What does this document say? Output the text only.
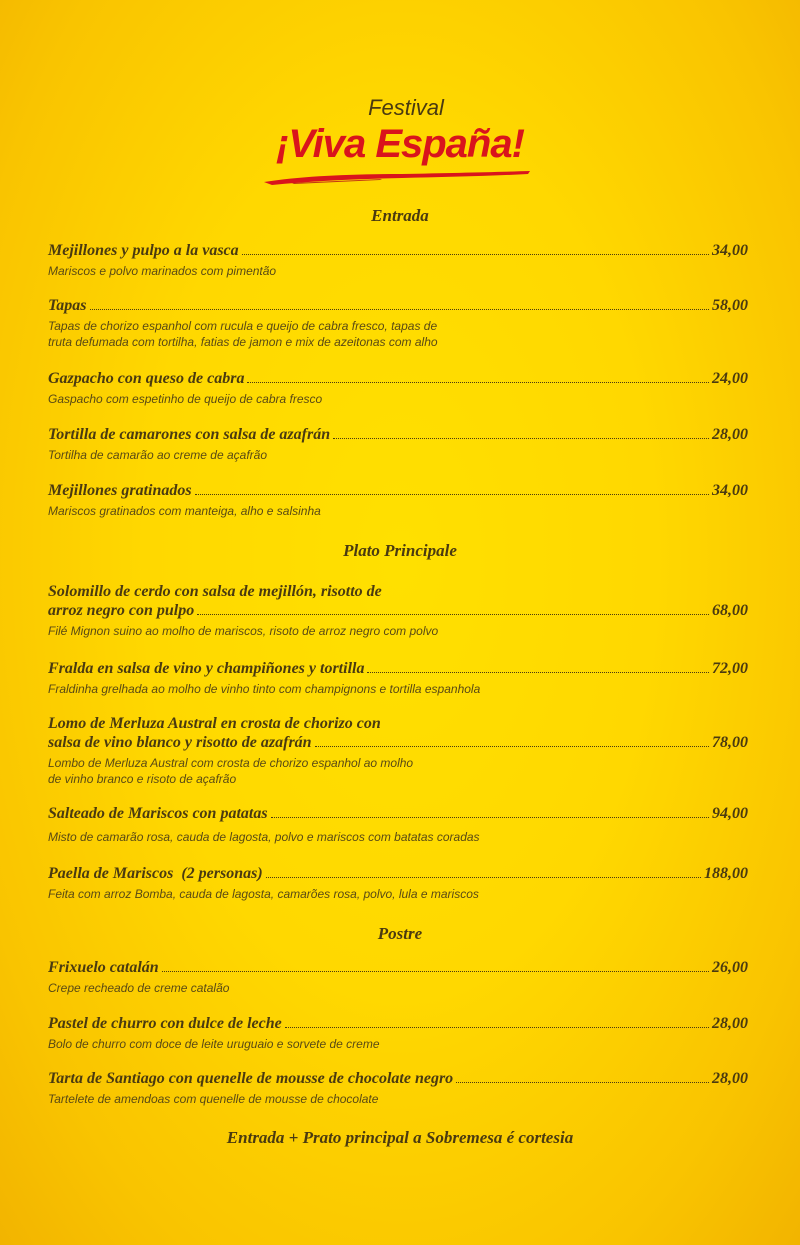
Festival
¡Viva España!
Entrada
Mejillones y pulpo a la vasca	34,00
Mariscos e polvo marinados com pimentão
Tapas	58,00
Tapas de chorizo espanhol com rucula e queijo de cabra fresco, tapas de
truta defumada com tortilha, fatias de jamon e mix de azeitonas com alho
Gazpacho con queso de cabra	24,00
Gaspacho com espetinho de queijo de cabra fresco
Tortilla de camarones con salsa de azafrán	28,00
Tortilha de camarão ao creme de açafrão
Mejillones gratinados	34,00
Mariscos gratinados com manteiga, alho e salsinha
Plato Principale
Solomillo de cerdo con salsa de mejillón, risotto de
arroz negro con pulpo	68,00
Filé Mignon suino ao molho de mariscos, risoto de arroz negro com polvo
Fralda en salsa de vino y champiñones y tortilla	72,00
Fraldinha grelhada ao molho de vinho tinto com champignons e tortilla espanhola
Lomo de Merluza Austral en crosta de chorizo con
salsa de vino blanco y risotto de azafrán	78,00
Lombo de Merluza Austral com crosta de chorizo espanhol ao molho
de vinho branco e risoto de açafrão
Salteado de Mariscos con patatas	94,00
Misto de camarão rosa, cauda de lagosta, polvo e mariscos com batatas coradas
Paella de Mariscos  (2 personas)	188,00
Feita com arroz Bomba, cauda de lagosta, camarões rosa, polvo, lula e mariscos
Postre
Frixuelo catalán	26,00
Crepe recheado de creme catalão
Pastel de churro con dulce de leche	28,00
Bolo de churro com doce de leite uruguaio e sorvete de creme
Tarta de Santiago con quenelle de mousse de chocolate negro	28,00
Tartelete de amendoas com quenelle de mousse de chocolate
Entrada + Prato principal a Sobremesa é cortesia
